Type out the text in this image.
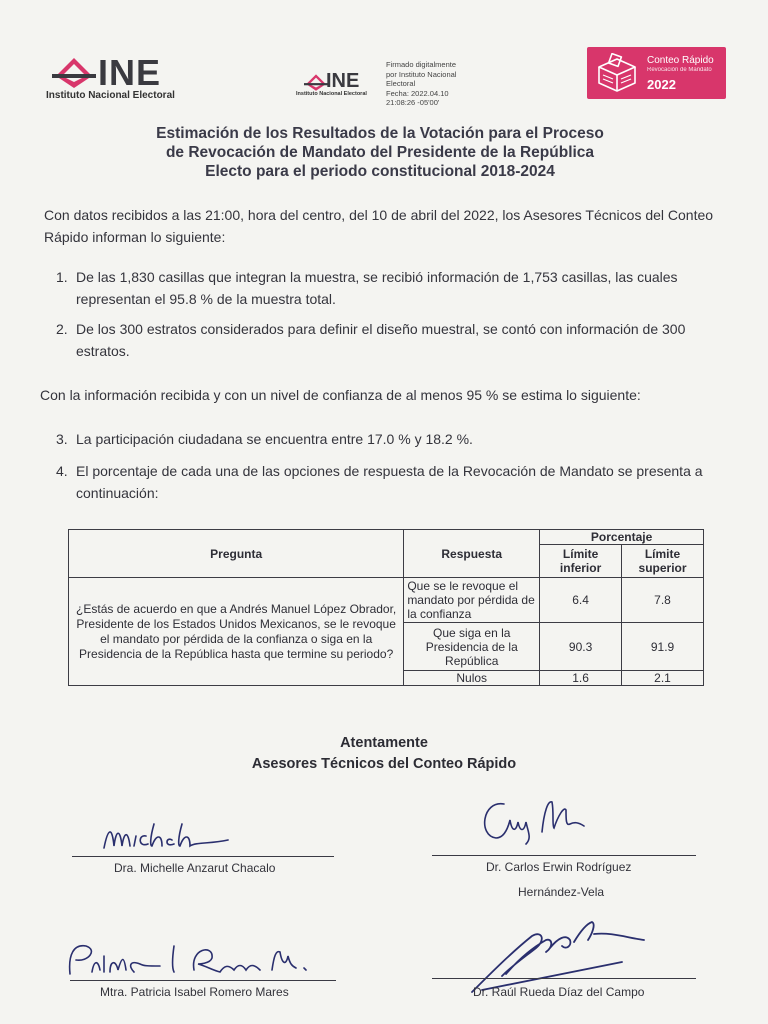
INE
Instituto Nacional Electoral
INE
Instituto Nacional Electoral
Firmado digitalmente
por Instituto Nacional
Electoral
Fecha: 2022.04.10
21:08:26 -05'00'
Conteo Rápido
Revocación de Mandato
2022
Estimación de los Resultados de la Votación para el Proceso
de Revocación de Mandato del Presidente de la República
Electo para el periodo constitucional 2018-2024
Con datos recibidos a las 21:00, hora del centro, del 10 de abril del 2022, los Asesores Técnicos del Conteo Rápido informan lo siguiente:
1. De las 1,830 casillas que integran la muestra, se recibió información de 1,753 casillas, las cuales representan el 95.8 % de la muestra total.
2. De los 300 estratos considerados para definir el diseño muestral, se contó con información de 300 estratos.
Con la información recibida y con un nivel de confianza de al menos 95 % se estima lo siguiente:
3. La participación ciudadana se encuentra entre 17.0 % y 18.2 %.
4. El porcentaje de cada una de las opciones de respuesta de la Revocación de Mandato se presenta a continuación:
Pregunta	Respuesta	Porcentaje	
		Límite inferior	Límite superior
¿Estás de acuerdo en que a Andrés Manuel López Obrador, Presidente de los Estados Unidos Mexicanos, se le revoque el mandato por pérdida de la confianza o siga en la Presidencia de la República hasta que termine su periodo?	Que se le revoque el mandato por pérdida de la confianza	6.4	7.8
	Que siga en la Presidencia de la República	90.3	91.9
	Nulos	1.6	2.1
Atentamente
Asesores Técnicos del Conteo Rápido
Dra. Michelle Anzarut Chacalo	Dr. Carlos Erwin Rodríguez
Hernández-Vela
Mtra. Patricia Isabel Romero Mares	Dr. Raúl Rueda Díaz del Campo
